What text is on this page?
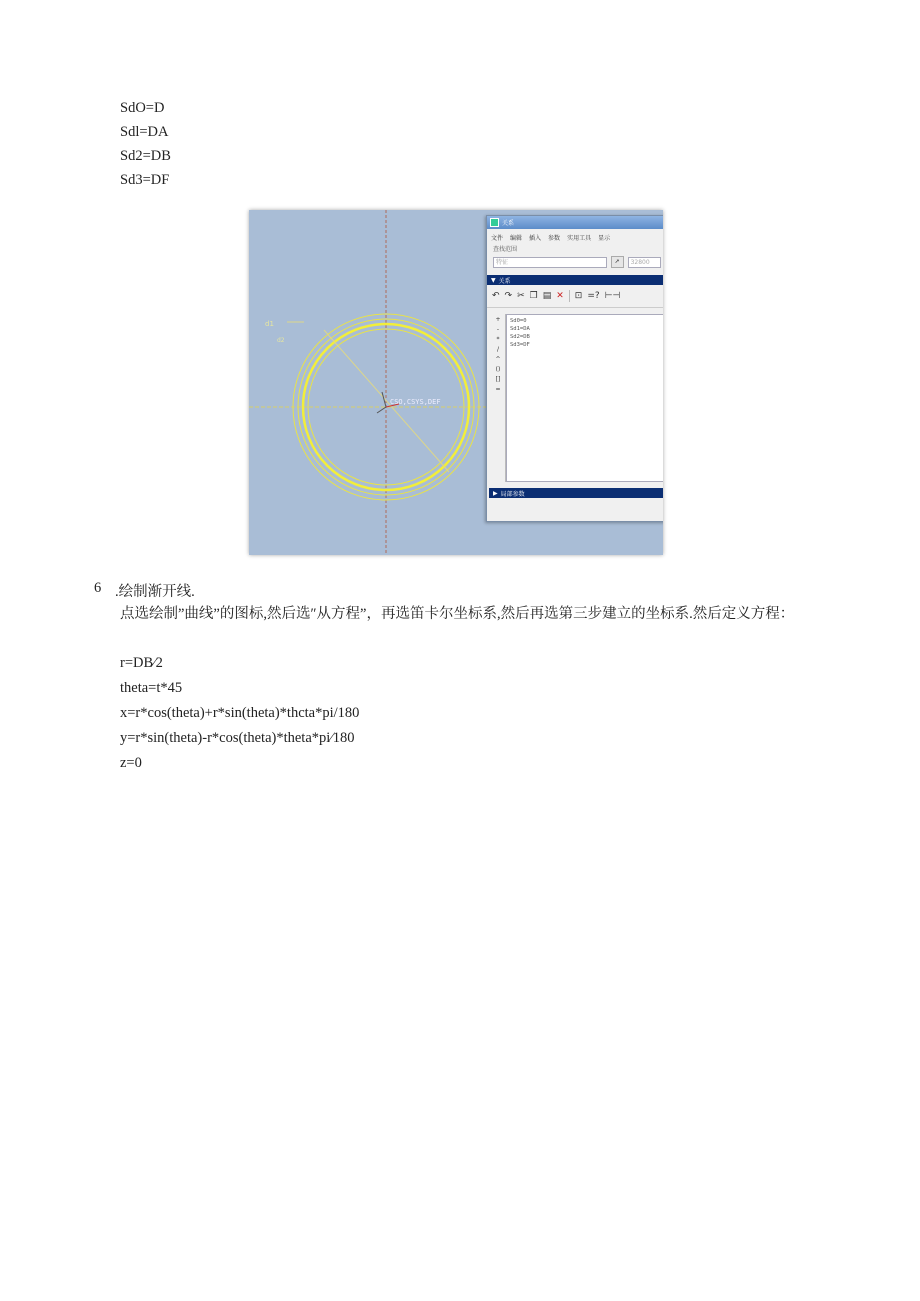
SdO=D
Sdl=DA
Sd2=DB
Sd3=DF
d1
d2
CSO,CSYS,DEF
关系
文件 编辑 插入 参数 实用工具 显示
查找范围
特征	➚	32800
▼ 关系
↶ ↷ ✂ ❐ ▤ ✕ ⊡ =? ⊢⊣
+
-
*
/
^
()
[]
=
Sd0=0
Sd1=DA
Sd2=DB
Sd3=DF
▶ 局部参数
6 .绘制渐开线.
点选绘制”曲线”的图标,然后选″从方程”，再选笛卡尔坐标系,然后再选第三步建立的坐标系.然后定义方程：
r=DB⁄2
theta=t*45
x=r*cos(theta)+r*sin(theta)*thcta*pi/180
y=r*sin(theta)-r*cos(theta)*theta*pi⁄180
z=0
